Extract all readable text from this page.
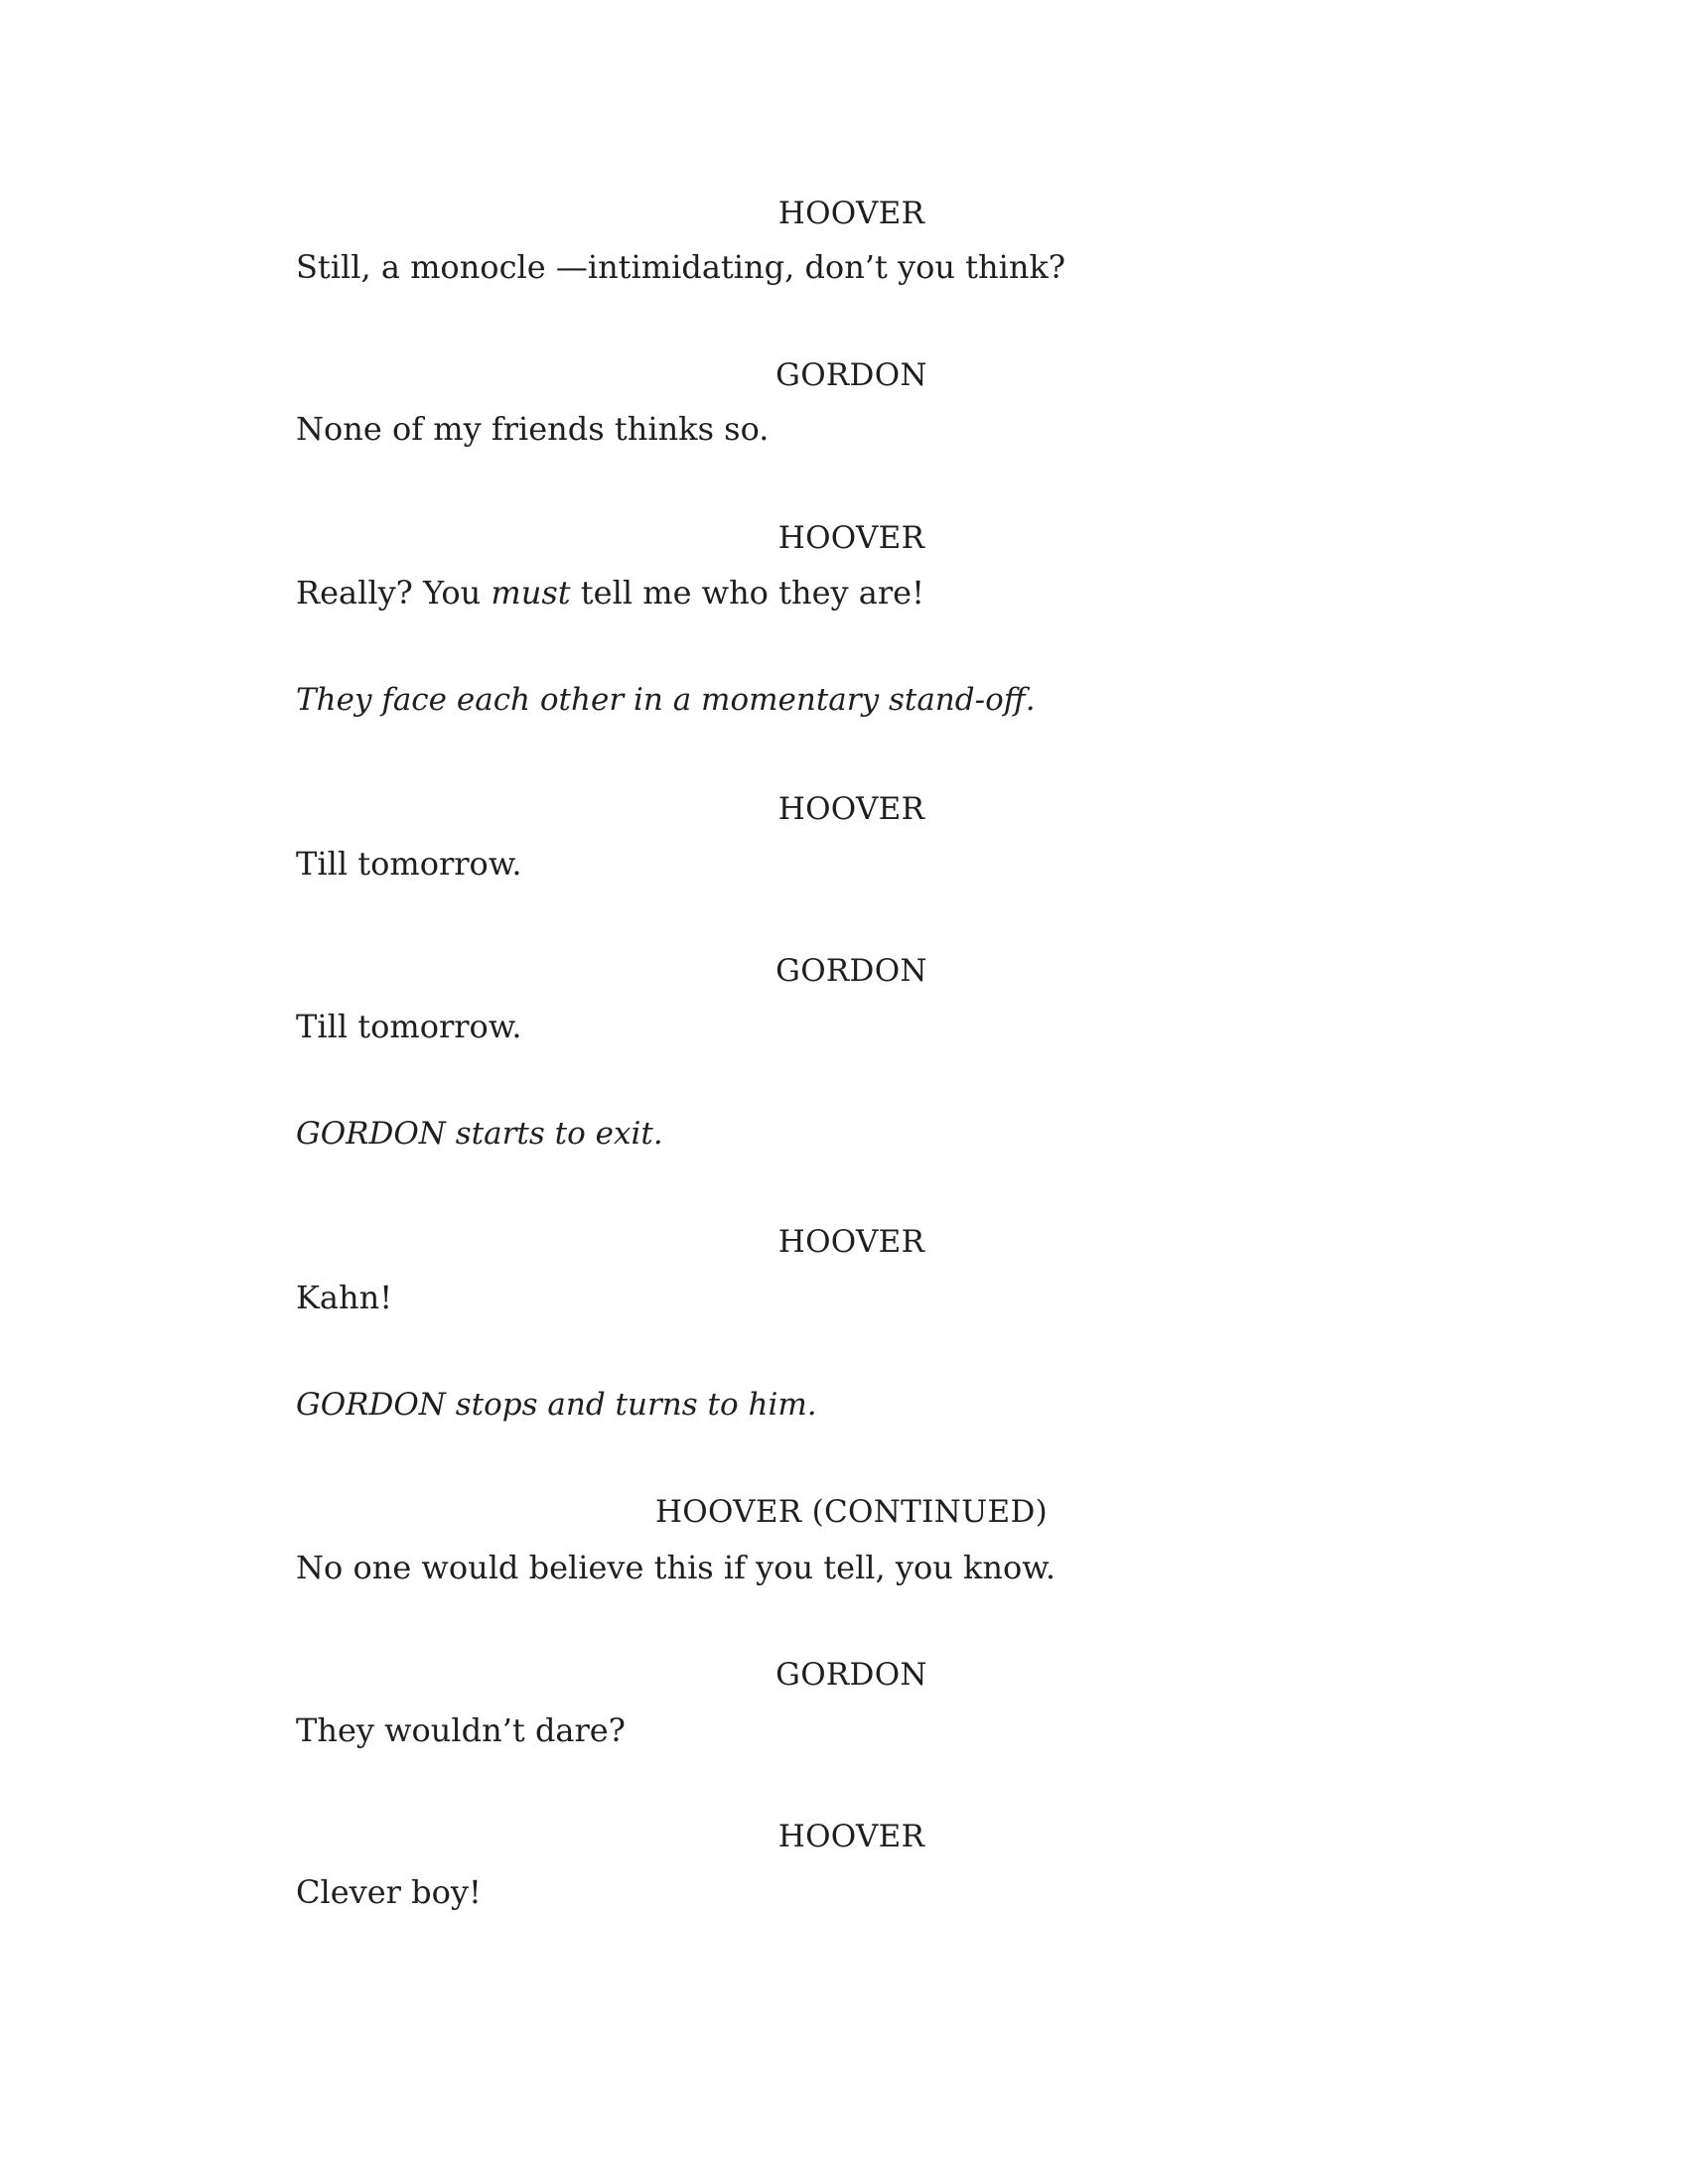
HOOVER

Still, a monocle —intimidating, don’t you think?

GORDON

None of my friends thinks so.

HOOVER

Really? You must tell me who they are!

They face each other in a momentary stand-off.

HOOVER

Till tomorrow.

GORDON

Till tomorrow.

GORDON starts to exit.

HOOVER

Kahn!

GORDON stops and turns to him.

HOOVER (CONTINUED)

No one would believe this if you tell, you know.

GORDON

They wouldn’t dare?

HOOVER

Clever boy!
